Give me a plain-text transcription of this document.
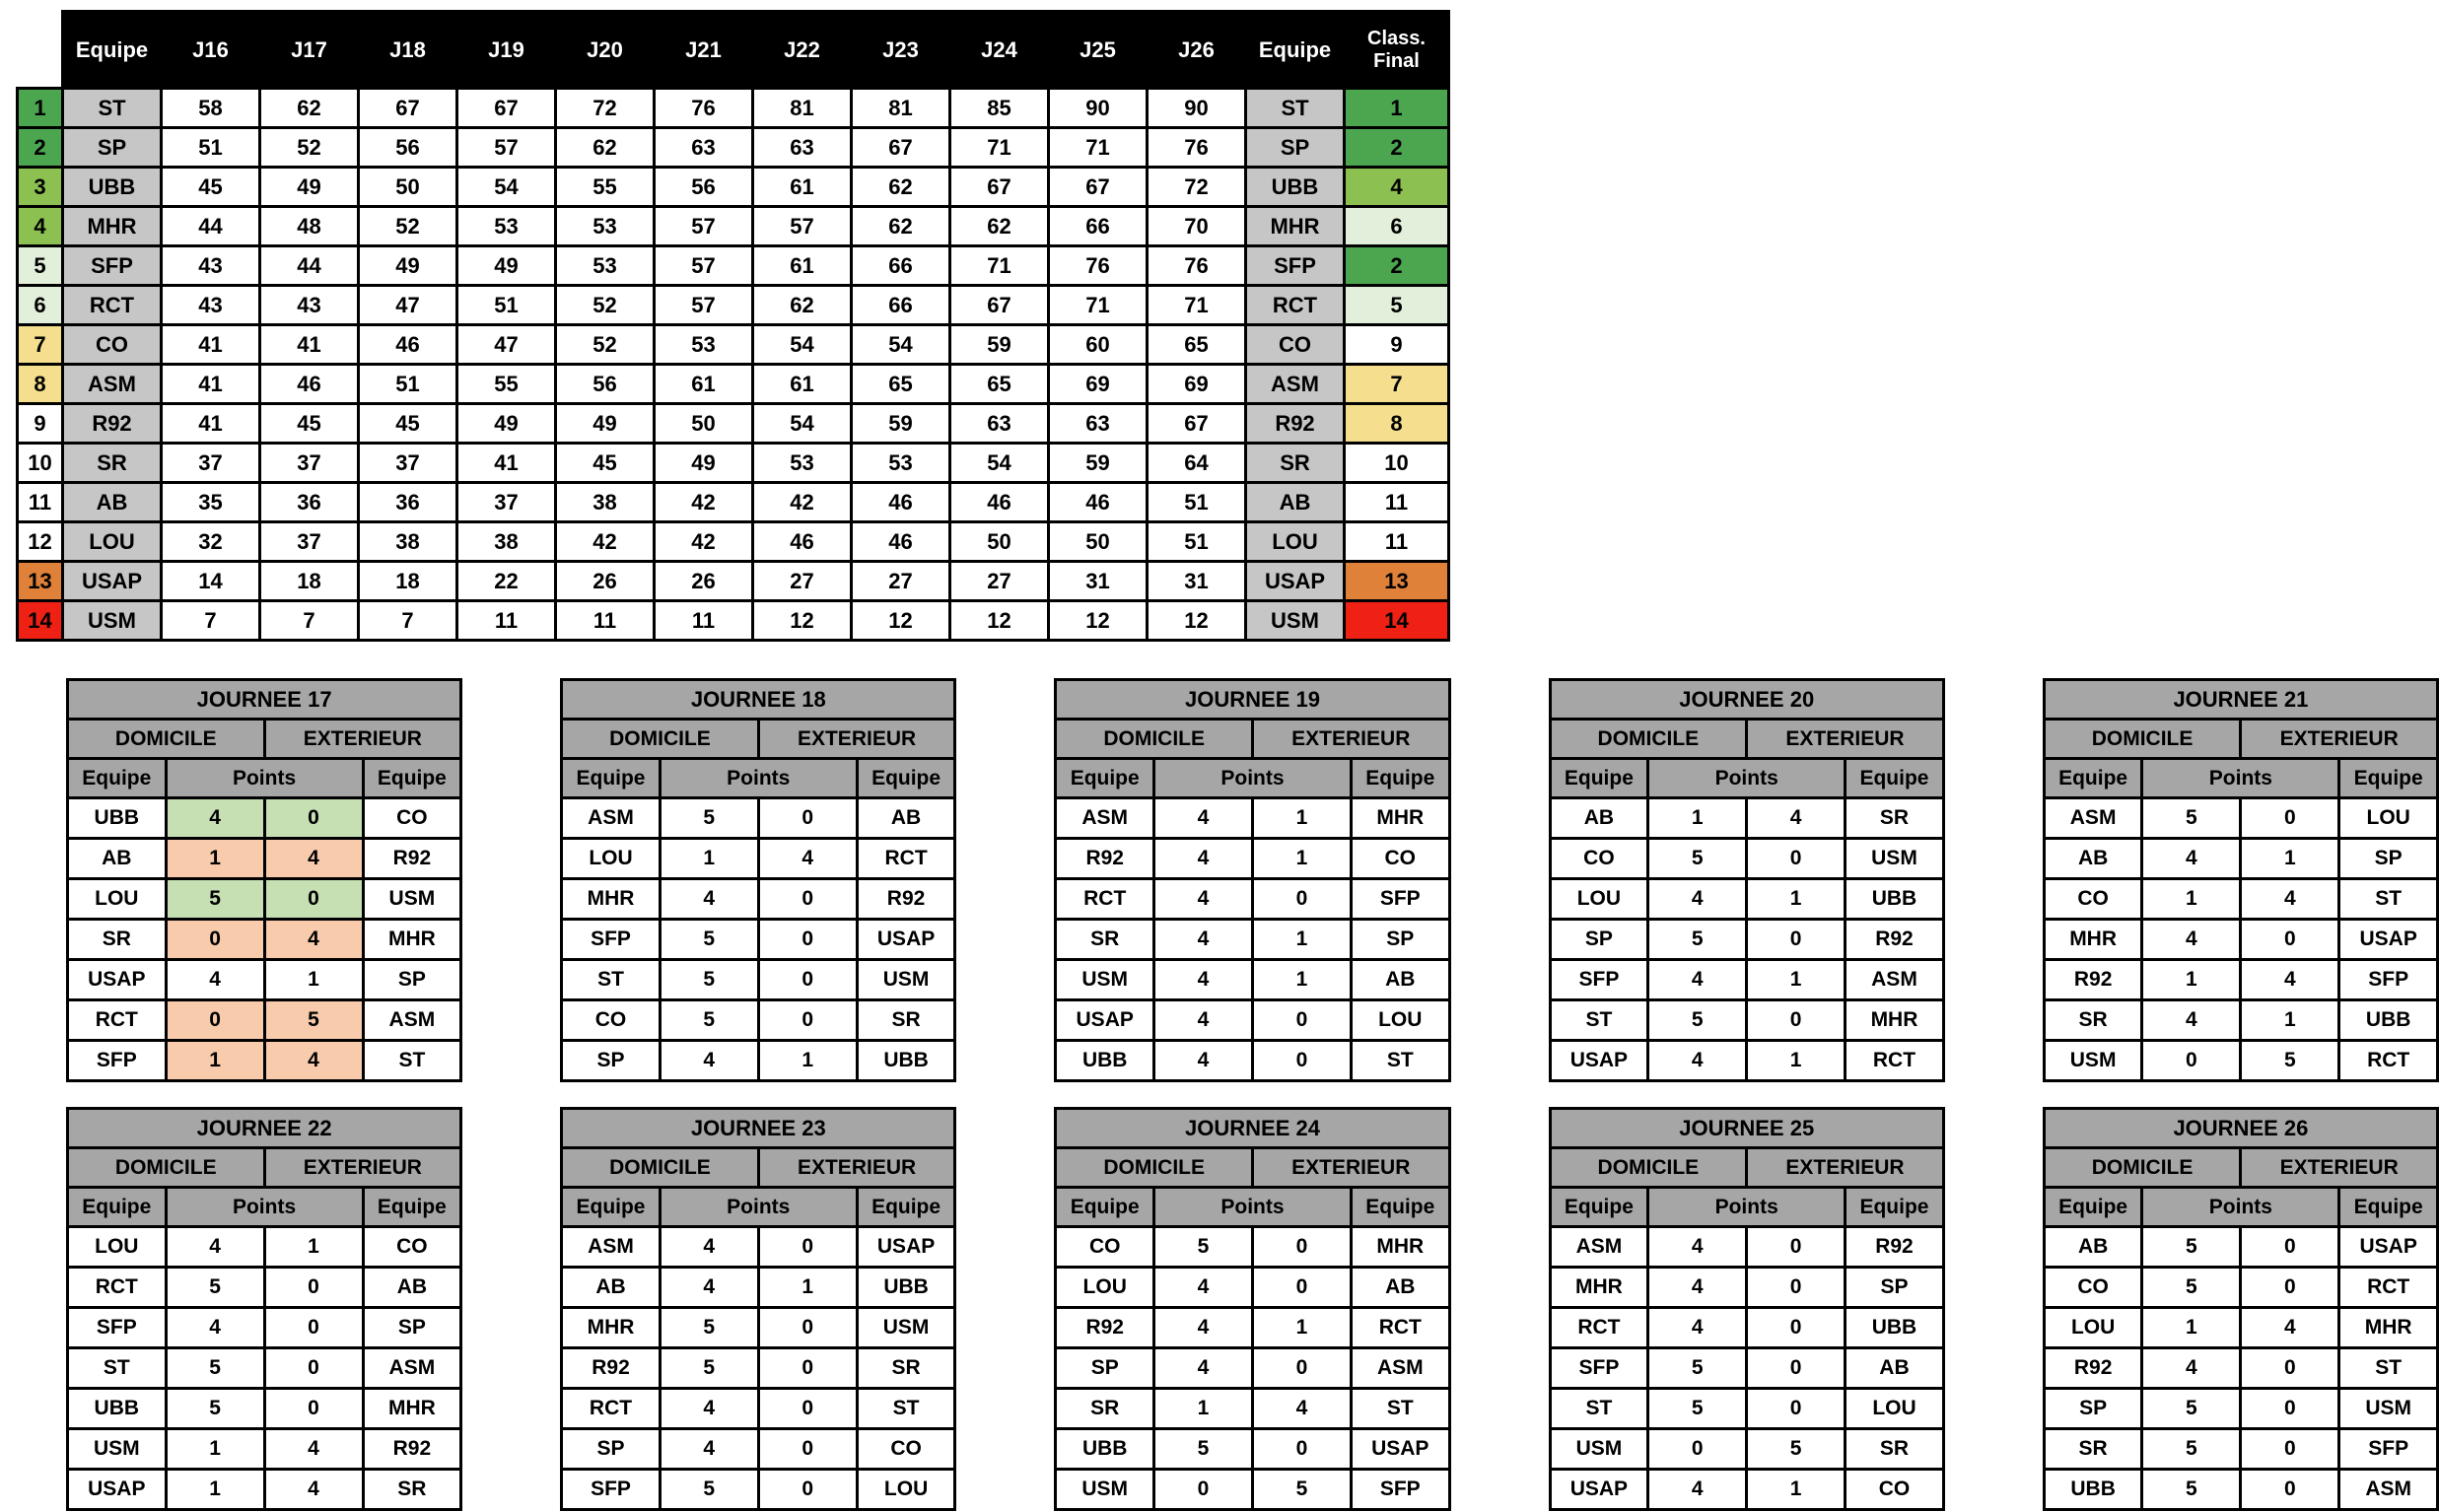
	Equipe	J16	J17	J18	J19	J20	J21	J22	J23	J24	J25	J26	Equipe	Class. Final
1	ST	58	62	67	67	72	76	81	81	85	90	90	ST	1
2	SP	51	52	56	57	62	63	63	67	71	71	76	SP	2
3	UBB	45	49	50	54	55	56	61	62	67	67	72	UBB	4
4	MHR	44	48	52	53	53	57	57	62	62	66	70	MHR	6
5	SFP	43	44	49	49	53	57	61	66	71	76	76	SFP	2
6	RCT	43	43	47	51	52	57	62	66	67	71	71	RCT	5
7	CO	41	41	46	47	52	53	54	54	59	60	65	CO	9
8	ASM	41	46	51	55	56	61	61	65	65	69	69	ASM	7
9	R92	41	45	45	49	49	50	54	59	63	63	67	R92	8
10	SR	37	37	37	41	45	49	53	53	54	59	64	SR	10
11	AB	35	36	36	37	38	42	42	46	46	46	51	AB	11
12	LOU	32	37	38	38	42	42	46	46	50	50	51	LOU	11
13	USAP	14	18	18	22	26	26	27	27	27	31	31	USAP	13
14	USM	7	7	7	11	11	11	12	12	12	12	12	USM	14
JOURNEE 17			
DOMICILE		EXTERIEUR	
Equipe	Points		Equipe
UBB	4	0	CO
AB	1	4	R92
LOU	5	0	USM
SR	0	4	MHR
USAP	4	1	SP
RCT	0	5	ASM
SFP	1	4	ST
JOURNEE 18			
DOMICILE		EXTERIEUR	
Equipe	Points		Equipe
ASM	5	0	AB
LOU	1	4	RCT
MHR	4	0	R92
SFP	5	0	USAP
ST	5	0	USM
CO	5	0	SR
SP	4	1	UBB
JOURNEE 19			
DOMICILE		EXTERIEUR	
Equipe	Points		Equipe
ASM	4	1	MHR
R92	4	1	CO
RCT	4	0	SFP
SR	4	1	SP
USM	4	1	AB
USAP	4	0	LOU
UBB	4	0	ST
JOURNEE 20			
DOMICILE		EXTERIEUR	
Equipe	Points		Equipe
AB	1	4	SR
CO	5	0	USM
LOU	4	1	UBB
SP	5	0	R92
SFP	4	1	ASM
ST	5	0	MHR
USAP	4	1	RCT
JOURNEE 21			
DOMICILE		EXTERIEUR	
Equipe	Points		Equipe
ASM	5	0	LOU
AB	4	1	SP
CO	1	4	ST
MHR	4	0	USAP
R92	1	4	SFP
SR	4	1	UBB
USM	0	5	RCT
JOURNEE 22			
DOMICILE		EXTERIEUR	
Equipe	Points		Equipe
LOU	4	1	CO
RCT	5	0	AB
SFP	4	0	SP
ST	5	0	ASM
UBB	5	0	MHR
USM	1	4	R92
USAP	1	4	SR
JOURNEE 23			
DOMICILE		EXTERIEUR	
Equipe	Points		Equipe
ASM	4	0	USAP
AB	4	1	UBB
MHR	5	0	USM
R92	5	0	SR
RCT	4	0	ST
SP	4	0	CO
SFP	5	0	LOU
JOURNEE 24			
DOMICILE		EXTERIEUR	
Equipe	Points		Equipe
CO	5	0	MHR
LOU	4	0	AB
R92	4	1	RCT
SP	4	0	ASM
SR	1	4	ST
UBB	5	0	USAP
USM	0	5	SFP
JOURNEE 25			
DOMICILE		EXTERIEUR	
Equipe	Points		Equipe
ASM	4	0	R92
MHR	4	0	SP
RCT	4	0	UBB
SFP	5	0	AB
ST	5	0	LOU
USM	0	5	SR
USAP	4	1	CO
JOURNEE 26			
DOMICILE		EXTERIEUR	
Equipe	Points		Equipe
AB	5	0	USAP
CO	5	0	RCT
LOU	1	4	MHR
R92	4	0	ST
SP	5	0	USM
SR	5	0	SFP
UBB	5	0	ASM
